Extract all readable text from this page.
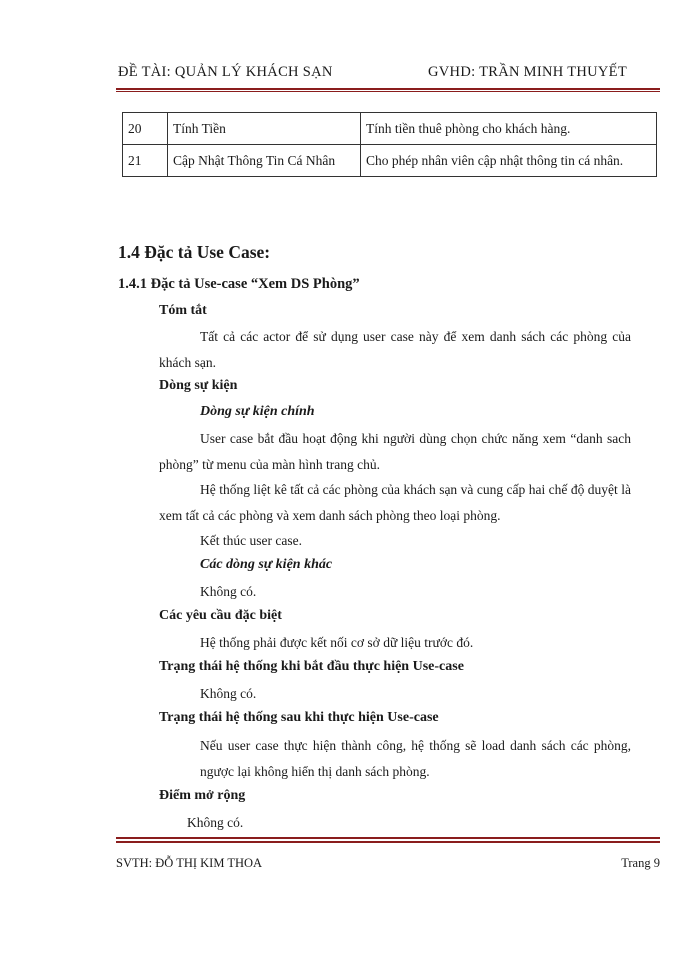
ĐỀ TÀI: QUẢN LÝ KHÁCH SẠN	GVHD: TRẦN MINH THUYẾT
20	Tính Tiền	Tính tiền thuê phòng cho khách hàng.
21	Cập Nhật Thông Tin Cá Nhân	Cho phép nhân viên cập nhật thông tin cá nhân.
1.4 Đặc tả Use Case:
1.4.1 Đặc tả Use-case “Xem DS Phòng”
Tóm tắt
Tất cả các actor để sử dụng user case này để xem danh sách các phòng của khách sạn.
Dòng sự kiện
Dòng sự kiện chính
User case bắt đầu hoạt động khi người dùng chọn chức năng xem “danh sach phòng” từ menu của màn hình trang chủ.
Hệ thống liệt kê tất cả các phòng của khách sạn và cung cấp hai chế độ duyệt là xem tất cả các phòng và xem danh sách phòng theo loại phòng.
Kết thúc user case.
Các dòng sự kiện khác
Không có.
Các yêu cầu đặc biệt
Hệ thống phải được kết nối cơ sở dữ liệu trước đó.
Trạng thái hệ thống khi bắt đầu thực hiện Use-case
Không có.
Trạng thái hệ thống sau khi thực hiện Use-case
Nếu user case thực hiện thành công, hệ thống sẽ load danh sách các phòng, ngược lại không hiển thị danh sách phòng.
Điểm mở rộng
Không có.
SVTH: ĐỖ THỊ KIM THOA	Trang 9
